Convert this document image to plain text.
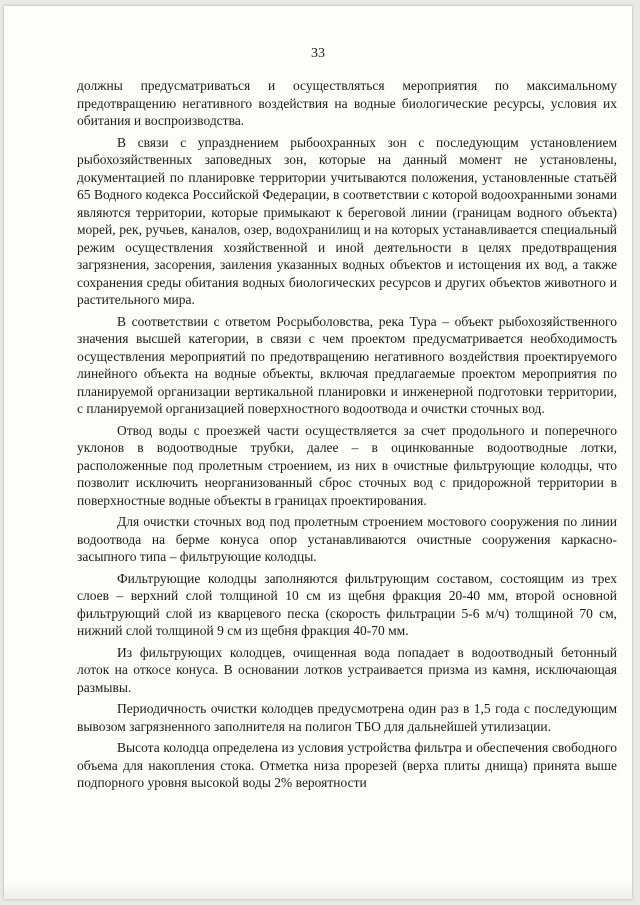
33

должны предусматриваться и осуществляться мероприятия по максимальному предотвращению негативного воздействия на водные биологические ресурсы, условия их обитания и воспроизводства.

В связи с упразднением рыбоохранных зон с последующим установлением рыбохозяйственных заповедных зон, которые на данный момент не установлены, документацией по планировке территории учитываются положения, установленные статьёй 65 Водного кодекса Российской Федерации, в соответствии с которой водоохранными зонами являются территории, которые примыкают к береговой линии (границам водного объекта) морей, рек, ручьев, каналов, озер, водохранилищ и на которых устанавливается специальный режим осуществления хозяйственной и иной деятельности в целях предотвращения загрязнения, засорения, заиления указанных водных объектов и истощения их вод, а также сохранения среды обитания водных биологических ресурсов и других объектов животного и растительного мира.

В соответствии с ответом Росрыболовства, река Тура – объект рыбохозяйственного значения высшей категории, в связи с чем проектом предусматривается необходимость осуществления мероприятий по предотвращению негативного воздействия проектируемого линейного объекта на водные объекты, включая предлагаемые проектом мероприятия по планируемой организации вертикальной планировки и инженерной подготовки территории, с планируемой организацией поверхностного водоотвода и очистки сточных вод.

Отвод воды с проезжей части осуществляется за счет продольного и поперечного уклонов в водоотводные трубки, далее – в оцинкованные водоотводные лотки, расположенные под пролетным строением, из них в очистные фильтрующие колодцы, что позволит исключить неорганизованный сброс сточных вод с придорожной территории в поверхностные водные объекты в границах проектирования.

Для очистки сточных вод под пролетным строением мостового сооружения по линии водоотвода на берме конуса опор устанавливаются очистные сооружения каркасно-засыпного типа – фильтрующие колодцы.

Фильтрующие колодцы заполняются фильтрующим составом, состоящим из трех слоев – верхний слой толщиной 10 см из щебня фракция 20-40 мм, второй основной фильтрующий слой из кварцевого песка (скорость фильтрации 5-6 м/ч) толщиной 70 см, нижний слой толщиной 9 см из щебня фракция 40-70 мм.

Из фильтрующих колодцев, очищенная вода попадает в водоотводный бетонный лоток на откосе конуса. В основании лотков устраивается призма из камня, исключающая размывы.

Периодичность очистки колодцев предусмотрена один раз в 1,5 года с последующим вывозом загрязненного заполнителя на полигон ТБО для дальнейшей утилизации.

Высота колодца определена из условия устройства фильтра и обеспечения свободного объема для накопления стока. Отметка низа прорезей (верха плиты днища) принята выше подпорного уровня высокой воды 2% вероятности
